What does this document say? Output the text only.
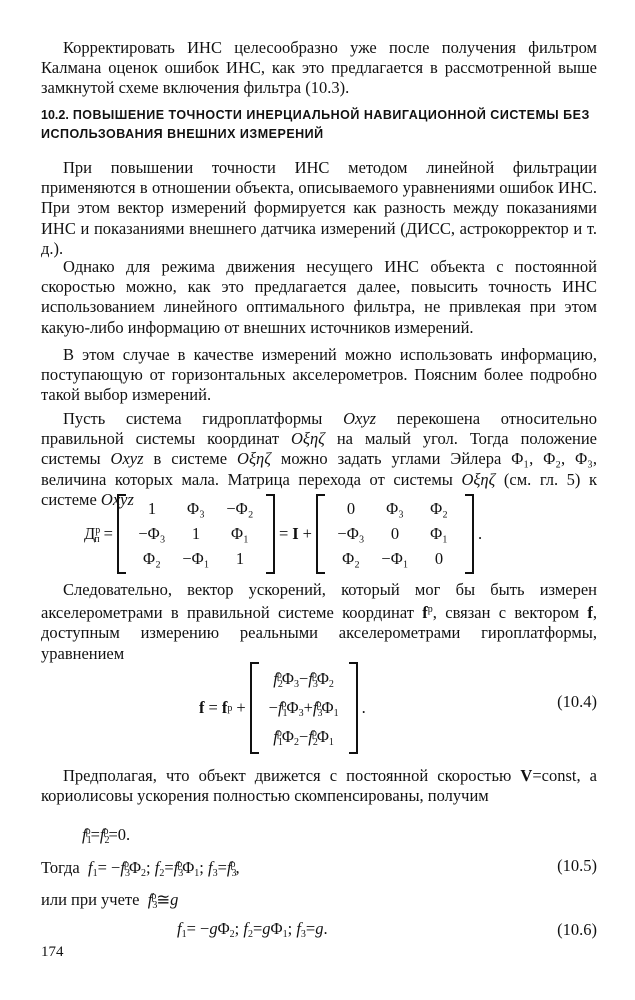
Корректировать ИНС целесообразно уже после получения фильтром Калмана оценок ошибок ИНС, как это предлагается в рассмотренной выше замкнутой схеме включения фильтра (10.3).

10.2. ПОВЫШЕНИЕ ТОЧНОСТИ ИНЕРЦИАЛЬНОЙ НАВИГАЦИОННОЙ СИСТЕМЫ БЕЗ ИСПОЛЬЗОВАНИЯ ВНЕШНИХ ИЗМЕРЕНИЙ

При повышении точности ИНС методом линейной фильтрации применяются в отношении объекта, описываемого уравнениями ошибок ИНС. При этом вектор измерений формируется как разность между показаниями ИНС и показаниями внешнего датчика измерений (ДИСС, астрокорректор и т. д.).

Однако для режима движения несущего ИНС объекта с постоянной скоростью можно, как это предлагается далее, повысить точность ИНС использованием линейного оптимального фильтра, не привлекая при этом какую-либо информацию от внешних источников измерений.

В этом случае в качестве измерений можно использовать информацию, поступающую от горизонтальных акселерометров. Поясним более подробно такой выбор измерений.

Пусть система гидроплатформы Oxyz перекошена относительно правильной системы координат Oξηζ на малый угол. Тогда положение системы Oxyz в системе Oξηζ можно задать углами Эйлера Φ₁, Φ₂, Φ₃, величина которых мала. Матрица перехода от системы Oξηζ (см. гл. 5) к системе Oxyz

$Д^р_п$ =
1	Φ₃	−Φ₂
−Φ₃	1	Φ₁
Φ₂	−Φ₁	1
= I +
0	Φ₃	Φ₂
−Φ₃	0	Φ₁
Φ₂	−Φ₁	0
.

Следовательно, вектор ускорений, который мог бы быть измерен акселерометрами в правильной системе координат $f^p$, связан с вектором f, доступным измерению реальными акселерометрами гироплатформы, уравнением

f = f p +
$f_2^p\Phi_3-f_3^p\Phi_2$
$-f_1^p\Phi_3+f_3^p\Phi_1$
$f_1^p\Phi_2-f_2^p\Phi_1$
.	(10.4)

Предполагая, что объект движется с постоянной скоростью V=const, а кориолисовы ускорения полностью скомпенсированы, получим

$f_1^p=f_2^p=0$.
Тогда $f_1= -f_3^p\Phi_2$; $f_2=f_3^p\Phi_1$; $f_3=f_3^p$,	(10.5)
или при учете $f_3^p≅g$
$f_1= -g\Phi_2$; $f_2=g\Phi_1$; $f_3=g$.	(10.6)
174
